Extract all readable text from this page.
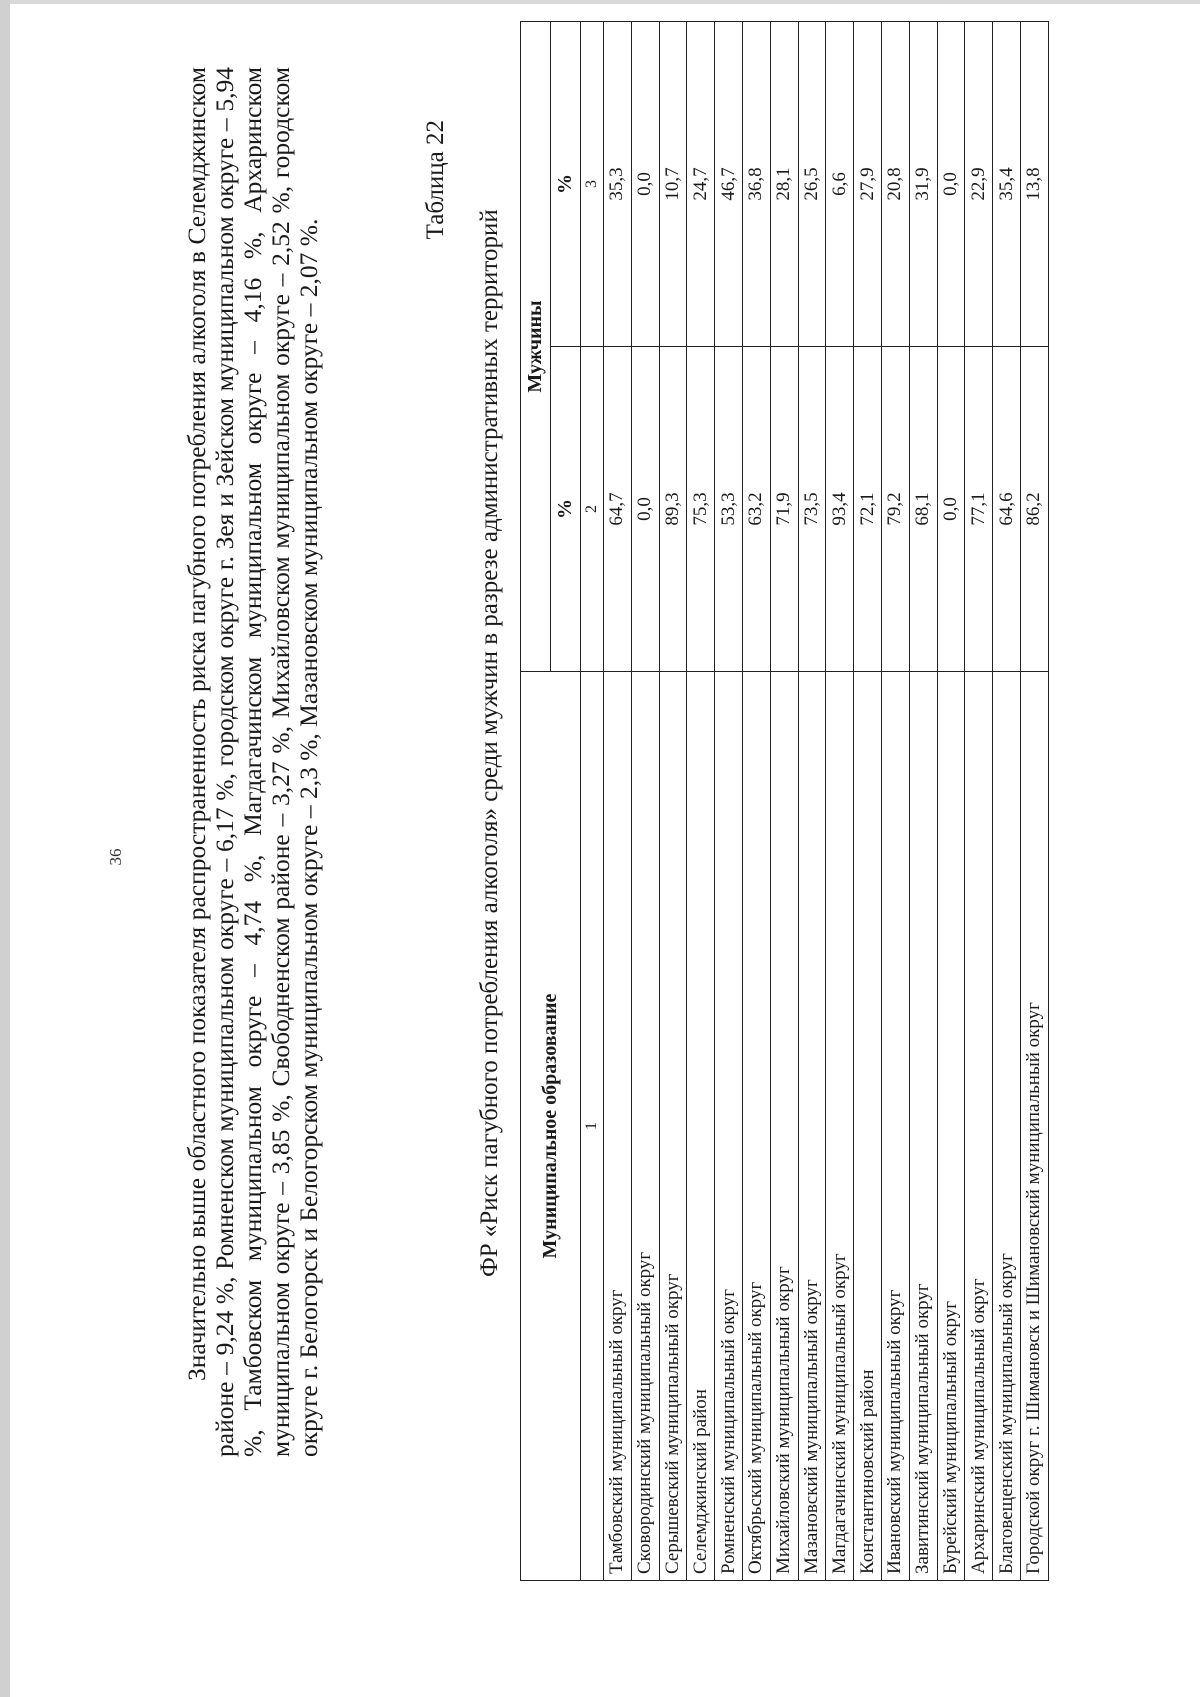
36 Значительно выше областного показателя распространенность риска пагубного потребления алкоголя в Селемджинском районе – 9,24 %, Ромненском муниципальном округе – 6,17 %, городском округе г. Зея и Зейском муниципальном округе – 5,94 %, Тамбовском муниципальном округе – 4,74 %, Магдагачинском муниципальном округе – 4,16 %, Архаринском муниципальном округе – 3,85 %, Свободненском районе – 3,27 %, Михайловском муниципальном округе – 2,52 %, городском округе г. Белогорск и Белогорском муниципальном округе – 2,3 %, Мазановском муниципальном округе – 2,07 %.
Таблица 22
ФР «Риск пагубного потребления алкоголя» среди мужчин в разрезе административных территорий Муниципальное образование	Мужчины	
	%	%
1	2	3
Тамбовский муниципальный округ	64,7	35,3
Сковородинский муниципальный округ	0,0	0,0
Серышевский муниципальный округ	89,3	10,7
Селемджинский район	75,3	24,7
Ромненский муниципальный округ	53,3	46,7
Октябрьский муниципальный округ	63,2	36,8
Михайловский муниципальный округ	71,9	28,1
Мазановский муниципальный округ	73,5	26,5
Магдагачинский муниципальный округ	93,4	6,6
Константиновский район	72,1	27,9
Ивановский муниципальный округ	79,2	20,8
Завитинский муниципальный округ	68,1	31,9
Бурейский муниципальный округ	0,0	0,0
Архаринский муниципальный округ	77,1	22,9
Благовещенский муниципальный округ	64,6	35,4
Городской округ г. Шимановск и Шимановский муниципальный округ	86,2	13,8
